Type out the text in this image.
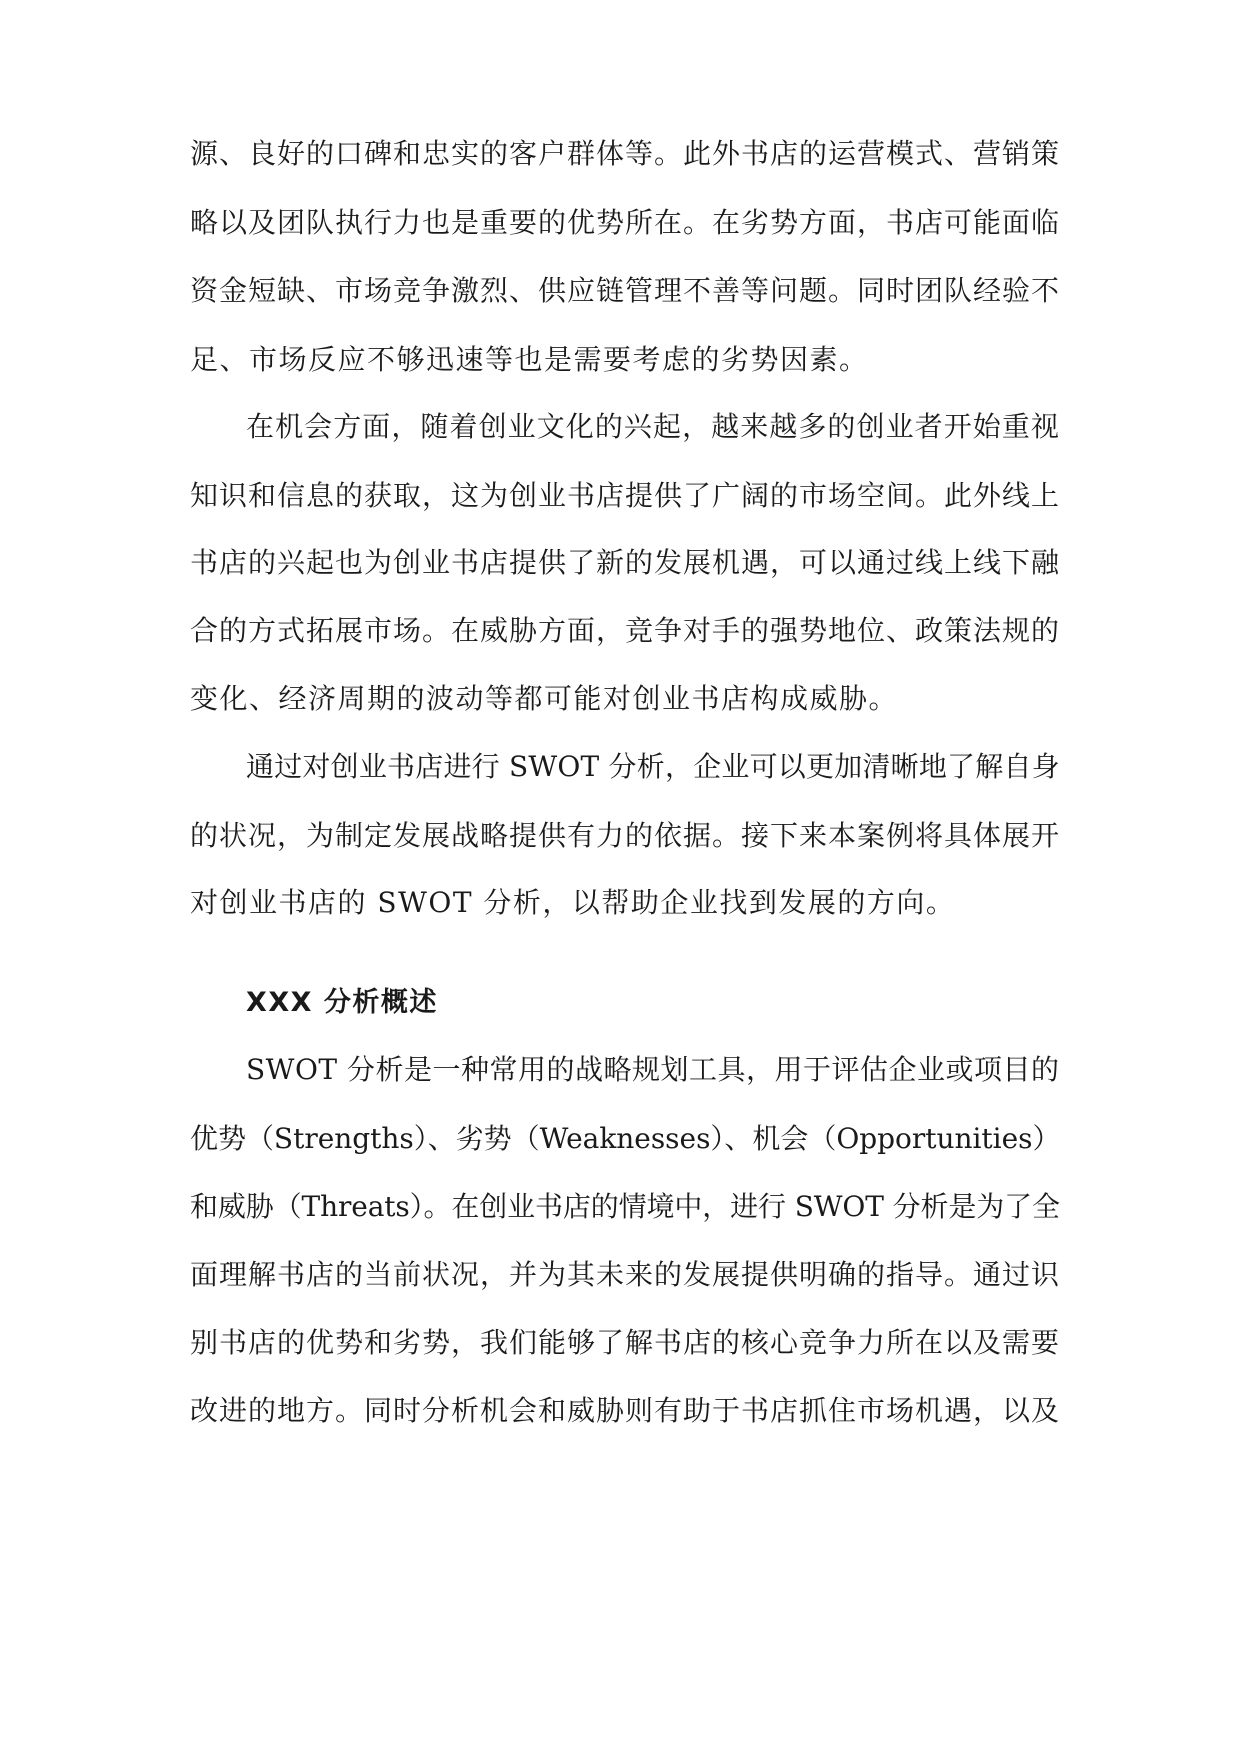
源、良好的口碑和忠实的客户群体等。此外书店的运营模式、营销策
略以及团队执行力也是重要的优势所在。在劣势方面，书店可能面临
资金短缺、市场竞争激烈、供应链管理不善等问题。同时团队经验不
足、市场反应不够迅速等也是需要考虑的劣势因素。
在机会方面，随着创业文化的兴起，越来越多的创业者开始重视
知识和信息的获取，这为创业书店提供了广阔的市场空间。此外线上
书店的兴起也为创业书店提供了新的发展机遇，可以通过线上线下融
合的方式拓展市场。在威胁方面，竞争对手的强势地位、政策法规的
变化、经济周期的波动等都可能对创业书店构成威胁。
通过对创业书店进行 SWOT 分析，企业可以更加清晰地了解自身
的状况，为制定发展战略提供有力的依据。接下来本案例将具体展开
对创业书店的 SWOT 分析，以帮助企业找到发展的方向。
XXX 分析概述
SWOT 分析是一种常用的战略规划工具，用于评估企业或项目的
优势（Strengths）、劣势（Weaknesses）、机会（Opportunities）
和威胁（Threats）。在创业书店的情境中，进行 SWOT 分析是为了全
面理解书店的当前状况，并为其未来的发展提供明确的指导。通过识
别书店的优势和劣势，我们能够了解书店的核心竞争力所在以及需要
改进的地方。同时分析机会和威胁则有助于书店抓住市场机遇，以及
